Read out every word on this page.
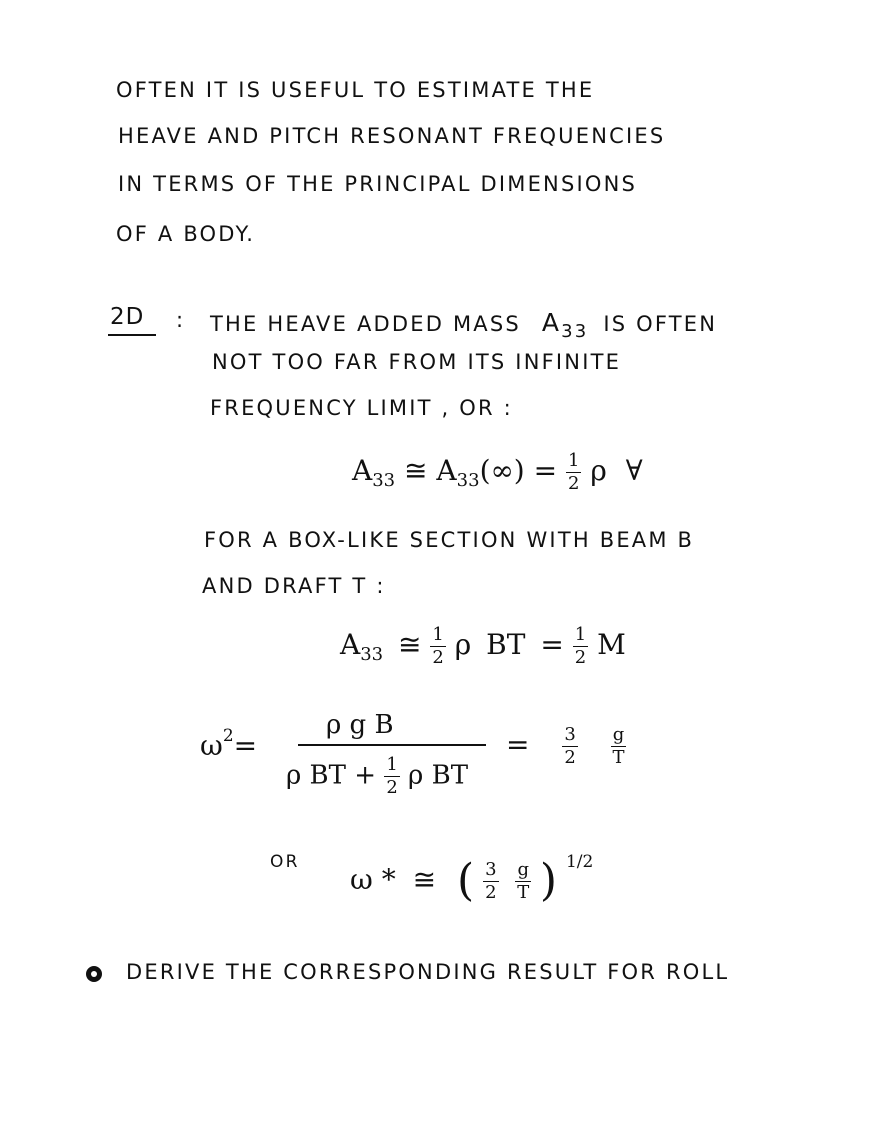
OFTEN IT IS USEFUL TO ESTIMATE THE
HEAVE AND PITCH RESONANT FREQUENCIES
IN TERMS OF THE PRINCIPAL DIMENSIONS
OF A BODY.
2D : THE HEAVE ADDED MASS $A_{33}$ IS OFTEN
NOT TOO FAR FROM ITS INFINITE
FREQUENCY LIMIT , OR :
$A_{33}$ ≅ $A_{33}(\infty) = \frac{1}{2}$ ρ ∀
FOR A BOX-LIKE SECTION WITH BEAM B
AND DRAFT T :
$A_{33}$ ≅ $\frac{1}{2}$ ρ BT = $\frac{1}{2}$ M
$\omega^2=$
ρ g B
ρ BT + $\frac{1}{2}$ ρ BT
= $\frac{3}{2}$
$\frac{g}{T}$
OR
ω * ≅ ( $\frac{3}{2}$
$\frac{g}{T}$ ) $^{1/2}$
DERIVE THE CORRESPONDING RESULT FOR ROLL
